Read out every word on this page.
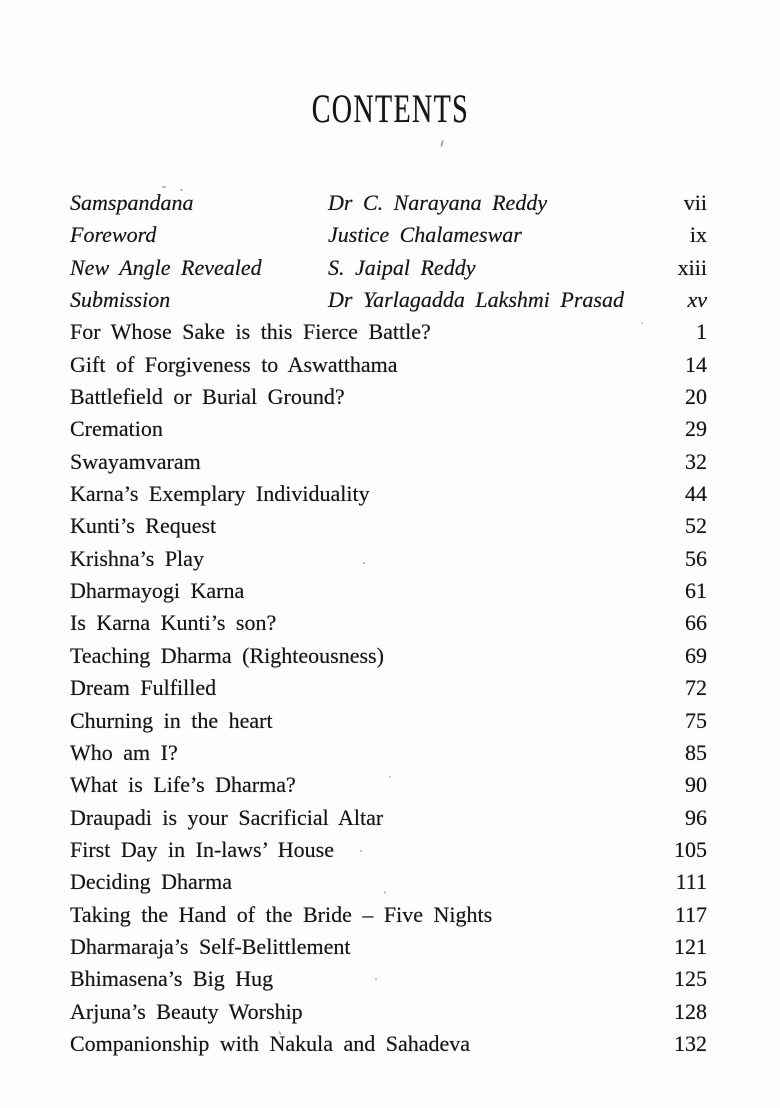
CONTENTS
Samspandana	Dr C. Narayana Reddy	vii
Foreword	Justice Chalameswar	ix
New Angle Revealed	S. Jaipal Reddy	xiii
Submission	Dr Yarlagadda Lakshmi Prasad	xv
For Whose Sake is this Fierce Battle?	1
Gift of Forgiveness to Aswatthama	14
Battlefield or Burial Ground?	20
Cremation	29
Swayamvaram	32
Karna’s Exemplary Individuality	44
Kunti’s Request	52
Krishna’s Play	56
Dharmayogi Karna	61
Is Karna Kunti’s son?	66
Teaching Dharma (Righteousness)	69
Dream Fulfilled	72
Churning in the heart	75
Who am I?	85
What is Life’s Dharma?	90
Draupadi is your Sacrificial Altar	96
First Day in In-laws’ House	105
Deciding Dharma	111
Taking the Hand of the Bride – Five Nights	117
Dharmaraja’s Self-Belittlement	121
Bhimasena’s Big Hug	125
Arjuna’s Beauty Worship	128
Companionship with Nakula and Sahadeva	132
